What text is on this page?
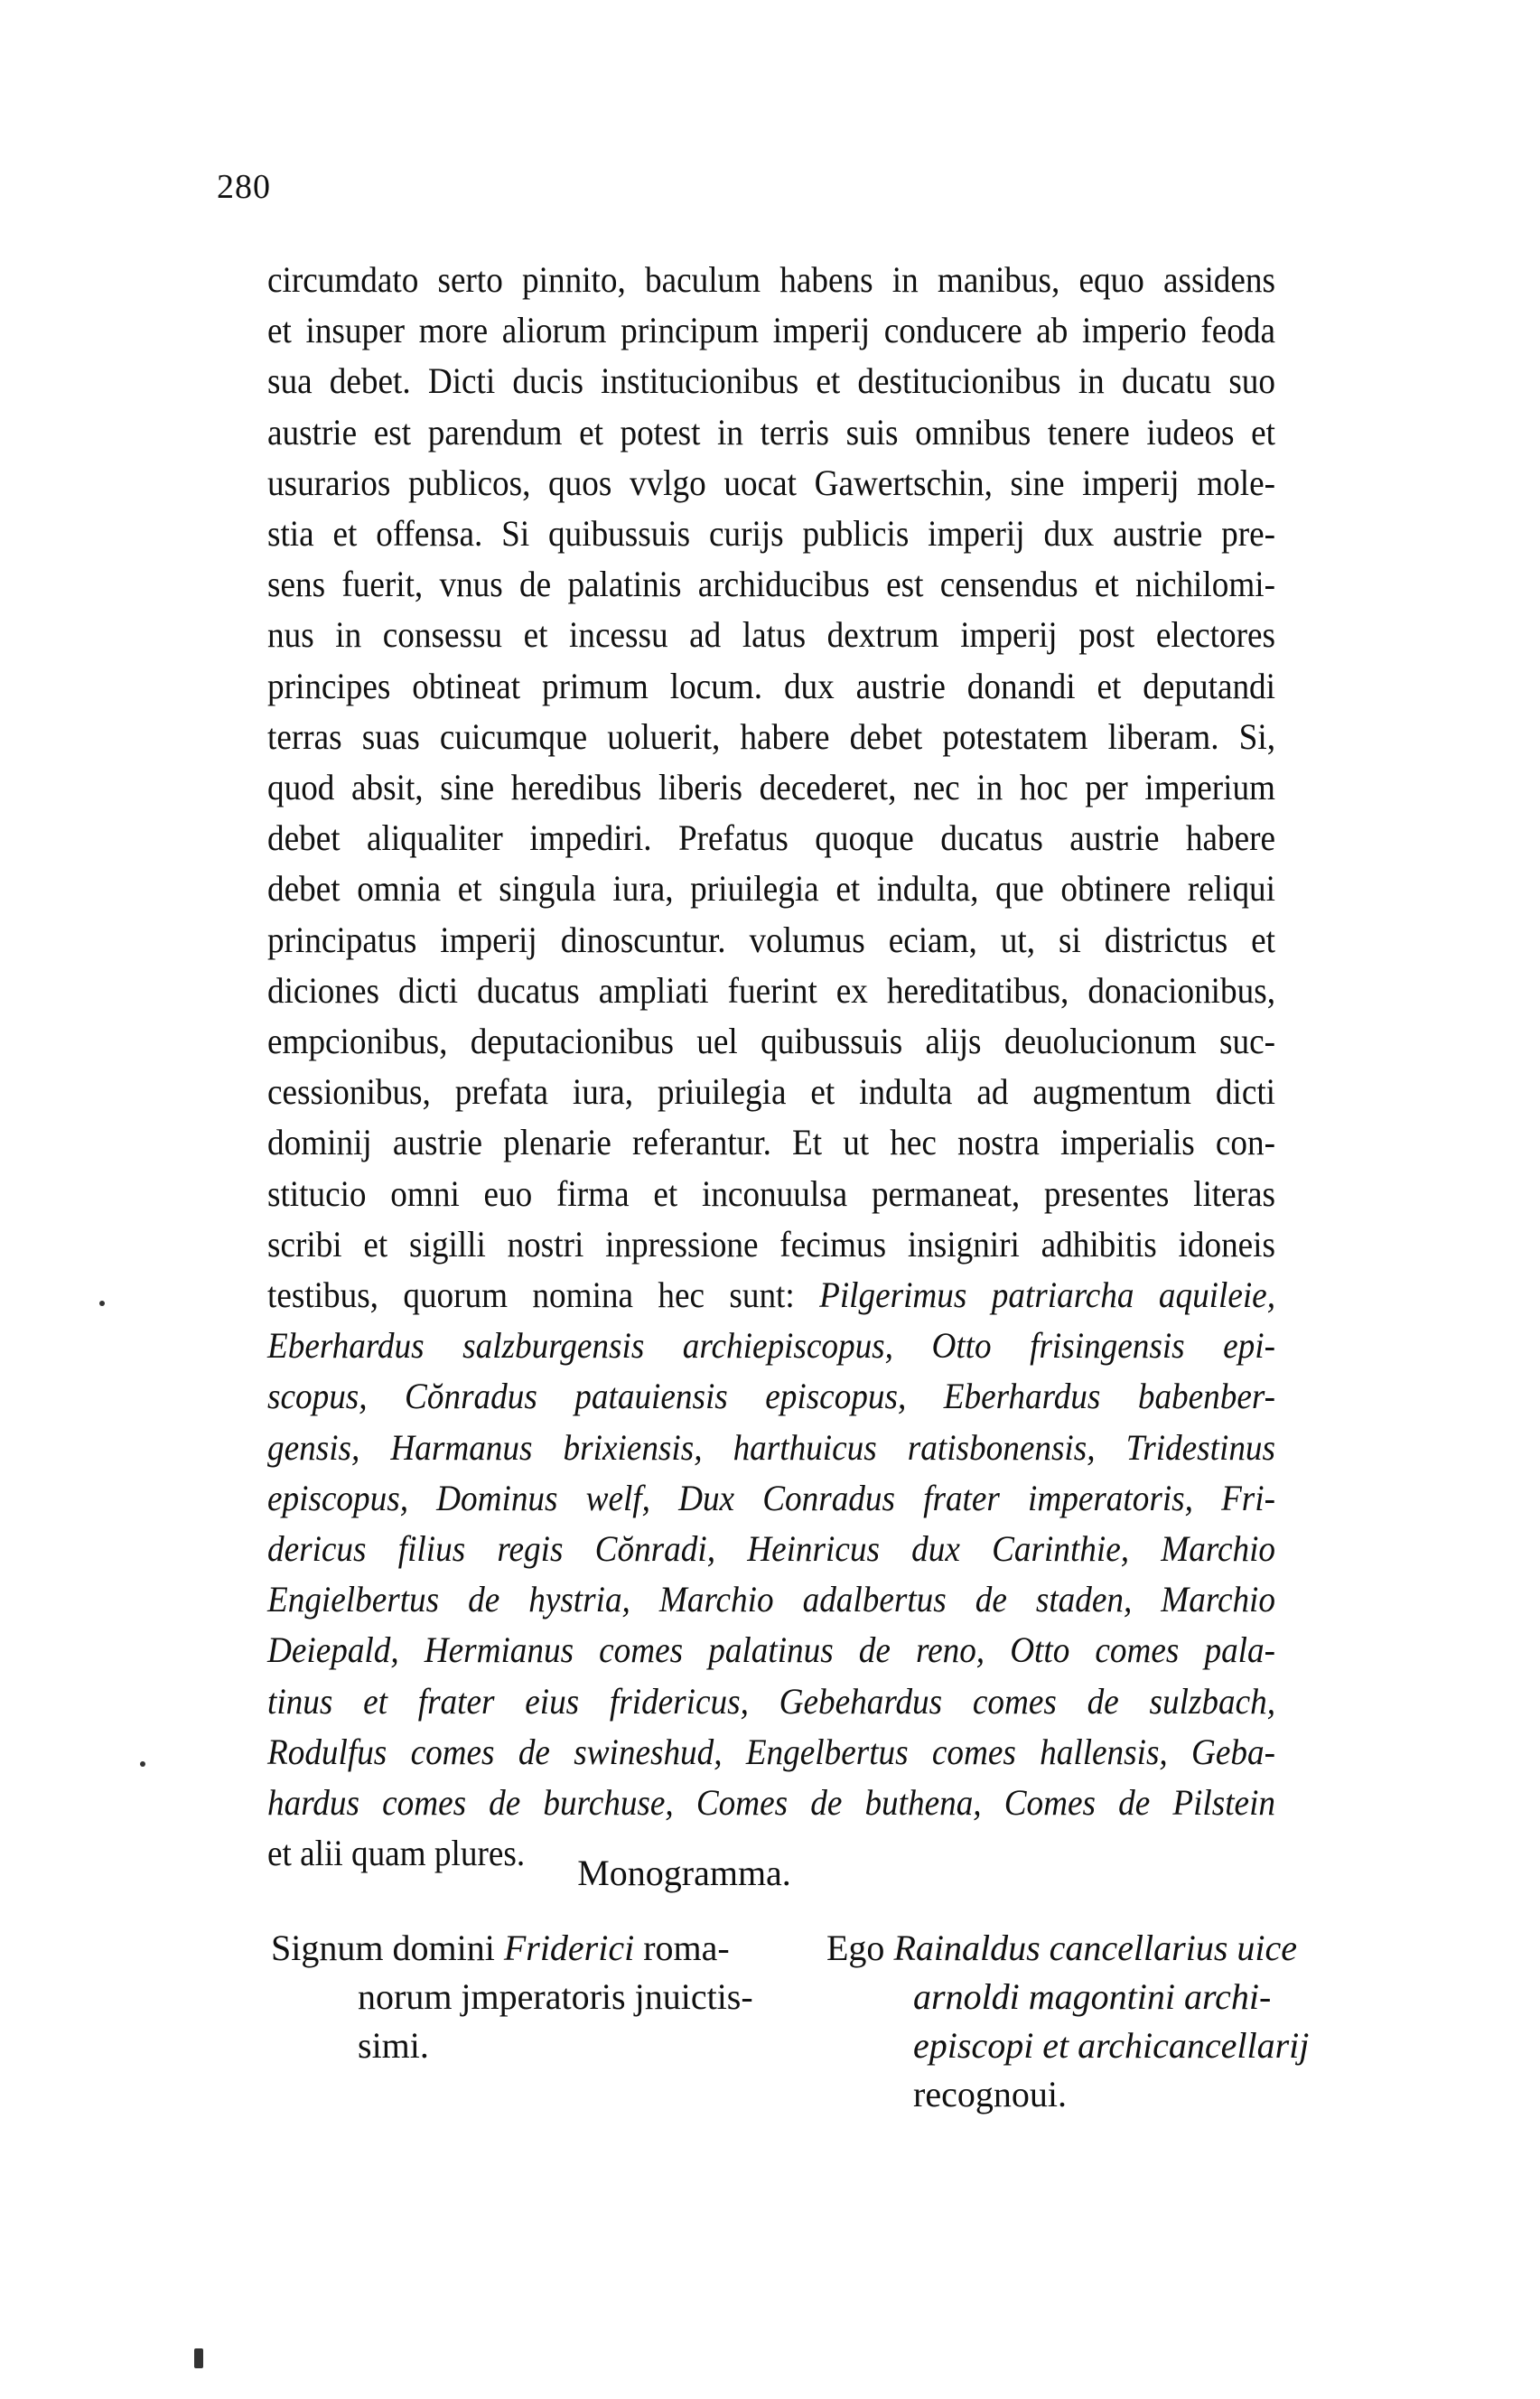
280
circumdato serto pinnito, baculum habens in manibus, equo assidens
et insuper more aliorum principum imperij conducere ab imperio feoda
sua debet. Dicti ducis institucionibus et destitucionibus in ducatu suo
austrie est parendum et potest in terris suis omnibus tenere iudeos et
usurarios publicos, quos vvlgo uocat Gawertschin, sine imperij mole-
stia et offensa. Si quibussuis curijs publicis imperij dux austrie pre-
sens fuerit, vnus de palatinis archiducibus est censendus et nichilomi-
nus in consessu et incessu ad latus dextrum imperij post electores
principes obtineat primum locum. dux austrie donandi et deputandi
terras suas cuicumque uoluerit, habere debet potestatem liberam. Si,
quod absit, sine heredibus liberis decederet, nec in hoc per imperium
debet aliqualiter impediri. Prefatus quoque ducatus austrie habere
debet omnia et singula iura, priuilegia et indulta, que obtinere reliqui
principatus imperij dinoscuntur. volumus eciam, ut, si districtus et
diciones dicti ducatus ampliati fuerint ex hereditatibus, donacionibus,
empcionibus, deputacionibus uel quibussuis alijs deuolucionum suc-
cessionibus, prefata iura, priuilegia et indulta ad augmentum dicti
dominij austrie plenarie referantur. Et ut hec nostra imperialis con-
stitucio omni euo firma et inconuulsa permaneat, presentes literas
scribi et sigilli nostri inpressione fecimus insigniri adhibitis idoneis
testibus, quorum nomina hec sunt: Pilgerimus patriarcha aquileie,
Eberhardus salzburgensis archiepiscopus, Otto frisingensis epi-
scopus, Cŏnradus patauiensis episcopus, Eberhardus babenber-
gensis, Harmanus brixiensis, harthuicus ratisbonensis, Tridestinus
episcopus, Dominus welf, Dux Conradus frater imperatoris, Fri-
dericus filius regis Cŏnradi, Heinricus dux Carinthie, Marchio
Engielbertus de hystria, Marchio adalbertus de staden, Marchio
Deiepald, Hermianus comes palatinus de reno, Otto comes pala-
tinus et frater eius fridericus, Gebehardus comes de sulzbach,
Rodulfus comes de swineshud, Engelbertus comes hallensis, Geba-
hardus comes de burchuse, Comes de buthena, Comes de Pilstein
et alii quam plures.	Monogramma.
Signum domini Friderici roma-
norum jmperatoris jnuictis-
simi.
Ego Rainaldus cancellarius uice
arnoldi magontini archi-
episcopi et archicancellarij
recognoui.
